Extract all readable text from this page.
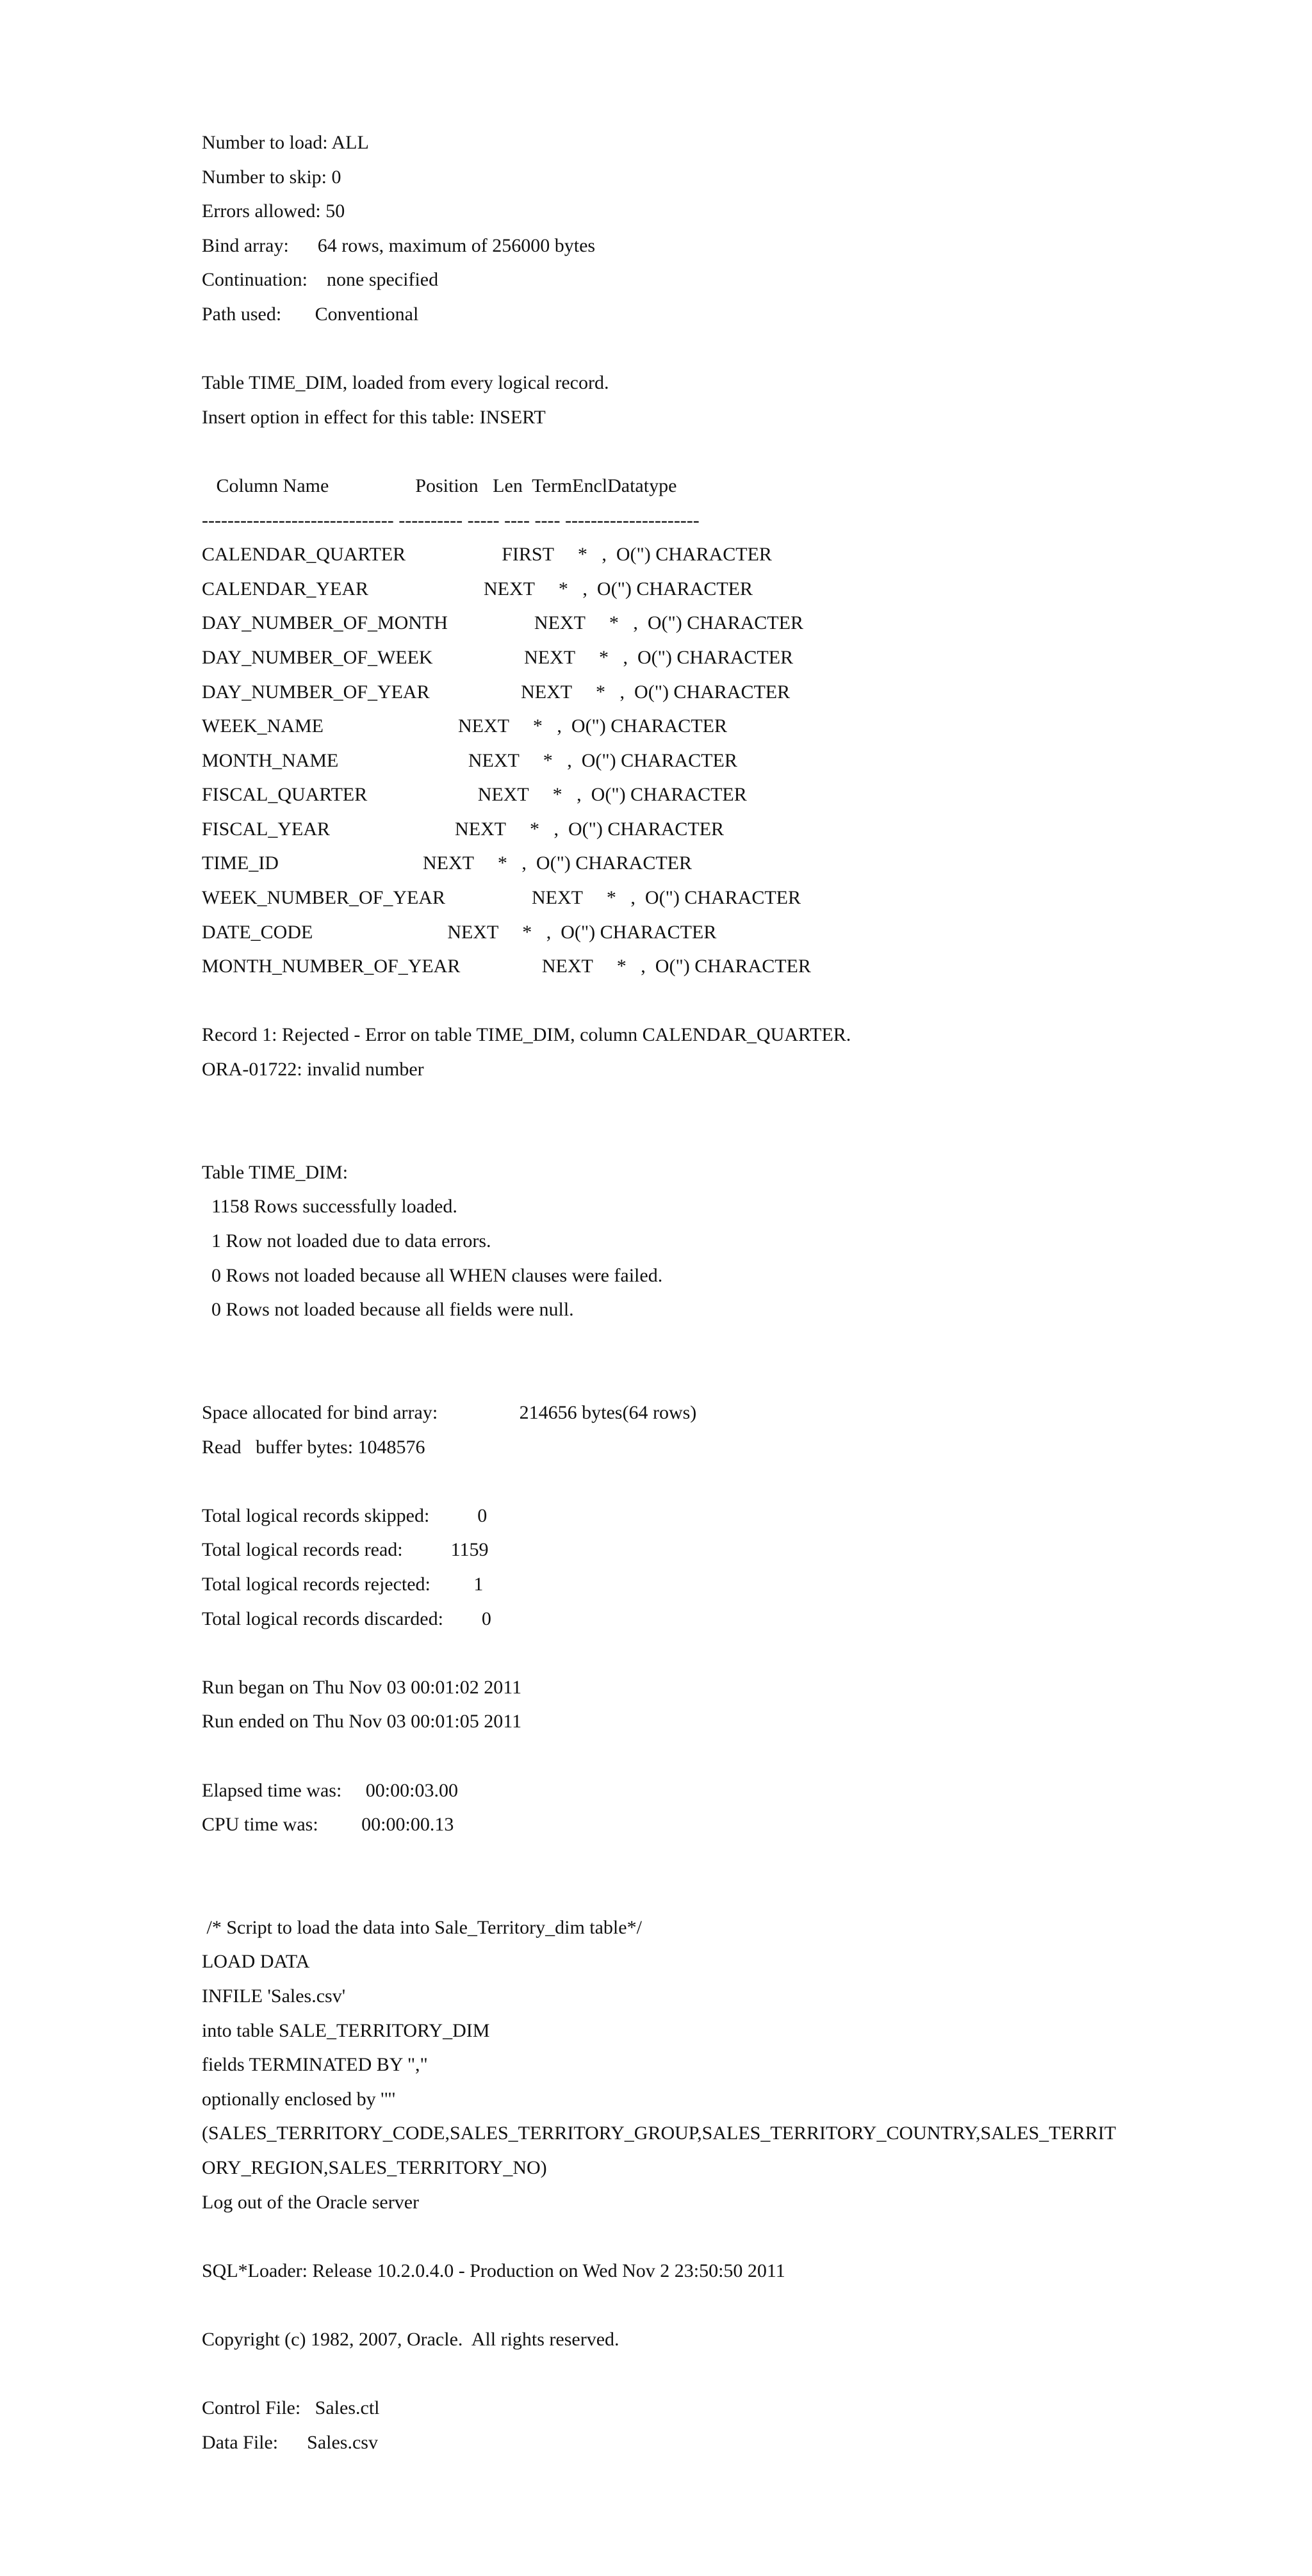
Number to load: ALL
Number to skip: 0
Errors allowed: 50
Bind array:      64 rows, maximum of 256000 bytes
Continuation:    none specified
Path used:       Conventional
Table TIME_DIM, loaded from every logical record.
Insert option in effect for this table: INSERT
Column Name                  Position   Len  TermEnclDatatype
------------------------------ ---------- ----- ---- ---- ---------------------
CALENDAR_QUARTER                    FIRST     *   ,  O(") CHARACTER
CALENDAR_YEAR                        NEXT     *   ,  O(") CHARACTER
DAY_NUMBER_OF_MONTH                  NEXT     *   ,  O(") CHARACTER
DAY_NUMBER_OF_WEEK                   NEXT     *   ,  O(") CHARACTER
DAY_NUMBER_OF_YEAR                   NEXT     *   ,  O(") CHARACTER
WEEK_NAME                            NEXT     *   ,  O(") CHARACTER
MONTH_NAME                           NEXT     *   ,  O(") CHARACTER
FISCAL_QUARTER                       NEXT     *   ,  O(") CHARACTER
FISCAL_YEAR                          NEXT     *   ,  O(") CHARACTER
TIME_ID                              NEXT     *   ,  O(") CHARACTER
WEEK_NUMBER_OF_YEAR                  NEXT     *   ,  O(") CHARACTER
DATE_CODE                            NEXT     *   ,  O(") CHARACTER
MONTH_NUMBER_OF_YEAR                 NEXT     *   ,  O(") CHARACTER
Record 1: Rejected - Error on table TIME_DIM, column CALENDAR_QUARTER.
ORA-01722: invalid number
Table TIME_DIM:
1158 Rows successfully loaded.
1 Row not loaded due to data errors.
0 Rows not loaded because all WHEN clauses were failed.
0 Rows not loaded because all fields were null.
Space allocated for bind array:                 214656 bytes(64 rows)
Read   buffer bytes: 1048576
Total logical records skipped:          0
Total logical records read:          1159
Total logical records rejected:         1
Total logical records discarded:        0
Run began on Thu Nov 03 00:01:02 2011
Run ended on Thu Nov 03 00:01:05 2011
Elapsed time was:     00:00:03.00
CPU time was:         00:00:00.13
/* Script to load the data into Sale_Territory_dim table*/
LOAD DATA
INFILE 'Sales.csv'
into table SALE_TERRITORY_DIM
fields TERMINATED BY ","
optionally enclosed by '"'
(SALES_TERRITORY_CODE,SALES_TERRITORY_GROUP,SALES_TERRITORY_COUNTRY,SALES_TERRIT
ORY_REGION,SALES_TERRITORY_NO)
Log out of the Oracle server
SQL*Loader: Release 10.2.0.4.0 - Production on Wed Nov 2 23:50:50 2011
Copyright (c) 1982, 2007, Oracle.  All rights reserved.
Control File:   Sales.ctl
Data File:      Sales.csv
